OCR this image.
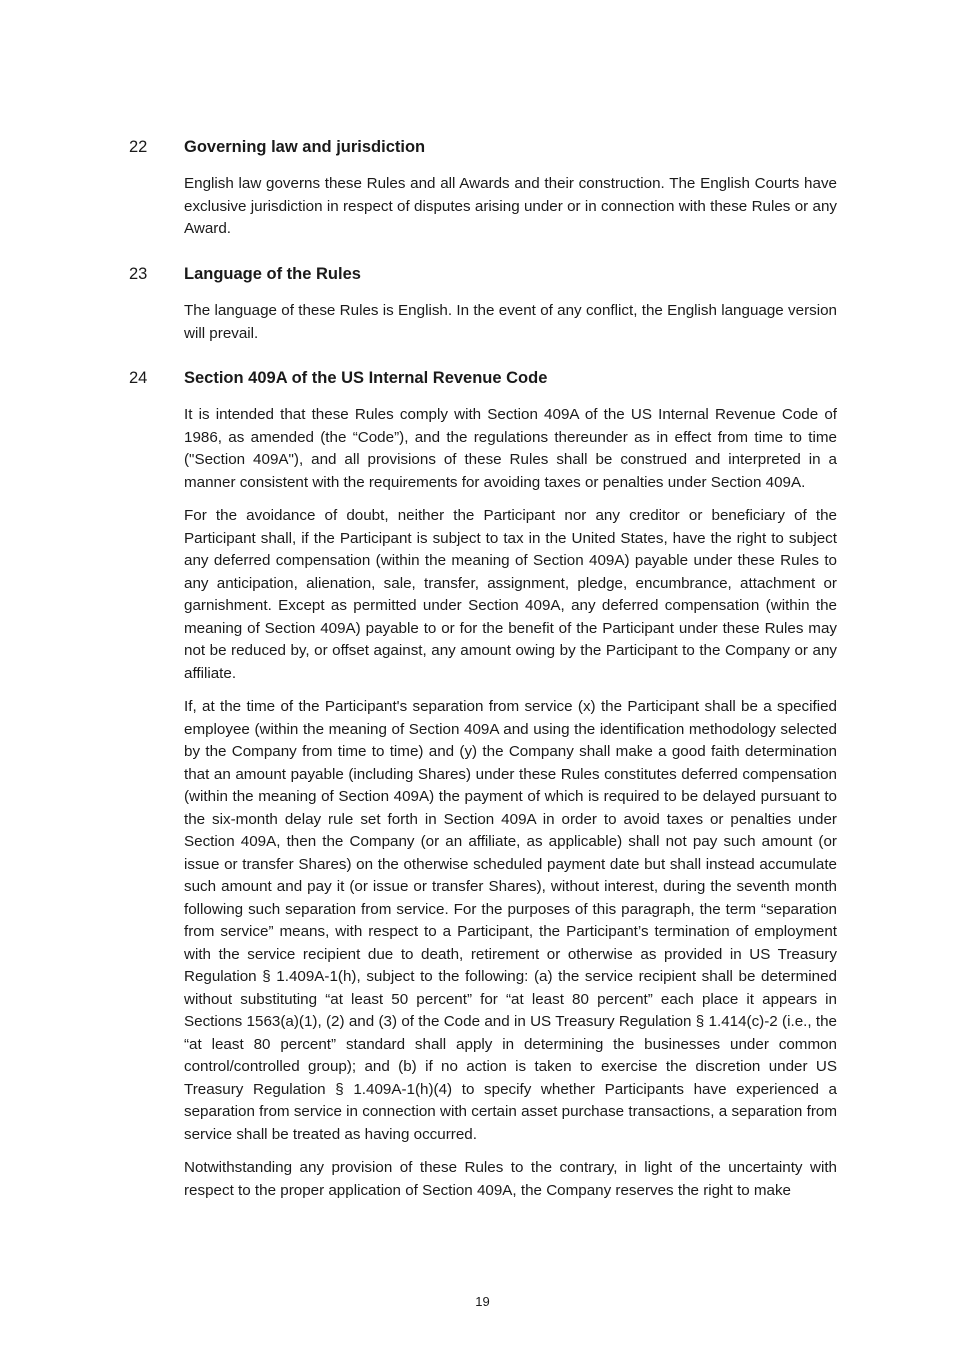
22	Governing law and jurisdiction

English law governs these Rules and all Awards and their construction. The English Courts have exclusive jurisdiction in respect of disputes arising under or in connection with these Rules or any Award.

23	Language of the Rules

The language of these Rules is English. In the event of any conflict, the English language version will prevail.

24	Section 409A of the US Internal Revenue Code

It is intended that these Rules comply with Section 409A of the US Internal Revenue Code of 1986, as amended (the “Code”), and the regulations thereunder as in effect from time to time ("Section 409A"), and all provisions of these Rules shall be construed and interpreted in a manner consistent with the requirements for avoiding taxes or penalties under Section 409A.

For the avoidance of doubt, neither the Participant nor any creditor or beneficiary of the Participant shall, if the Participant is subject to tax in the United States, have the right to subject any deferred compensation (within the meaning of Section 409A) payable under these Rules to any anticipation, alienation, sale, transfer, assignment, pledge, encumbrance, attachment or garnishment. Except as permitted under Section 409A, any deferred compensation (within the meaning of Section 409A) payable to or for the benefit of the Participant under these Rules may not be reduced by, or offset against, any amount owing by the Participant to the Company or any affiliate.

If, at the time of the Participant's separation from service (x) the Participant shall be a specified employee (within the meaning of Section 409A and using the identification methodology selected by the Company from time to time) and (y) the Company shall make a good faith determination that an amount payable (including Shares) under these Rules constitutes deferred compensation (within the meaning of Section 409A) the payment of which is required to be delayed pursuant to the six-month delay rule set forth in Section 409A in order to avoid taxes or penalties under Section 409A, then the Company (or an affiliate, as applicable) shall not pay such amount (or issue or transfer Shares) on the otherwise scheduled payment date but shall instead accumulate such amount and pay it (or issue or transfer Shares), without interest, during the seventh month following such separation from service. For the purposes of this paragraph, the term “separation from service” means, with respect to a Participant, the Participant’s termination of employment with the service recipient due to death, retirement or otherwise as provided in US Treasury Regulation § 1.409A-1(h), subject to the following: (a) the service recipient shall be determined without substituting “at least 50 percent” for “at least 80 percent” each place it appears in Sections 1563(a)(1), (2) and (3) of the Code and in US Treasury Regulation § 1.414(c)-2 (i.e., the “at least 80 percent” standard shall apply in determining the businesses under common control/controlled group); and (b) if no action is taken to exercise the discretion under US Treasury Regulation § 1.409A-1(h)(4) to specify whether Participants have experienced a separation from service in connection with certain asset purchase transactions, a separation from service shall be treated as having occurred.

Notwithstanding any provision of these Rules to the contrary, in light of the uncertainty with respect to the proper application of Section 409A, the Company reserves the right to make

19
